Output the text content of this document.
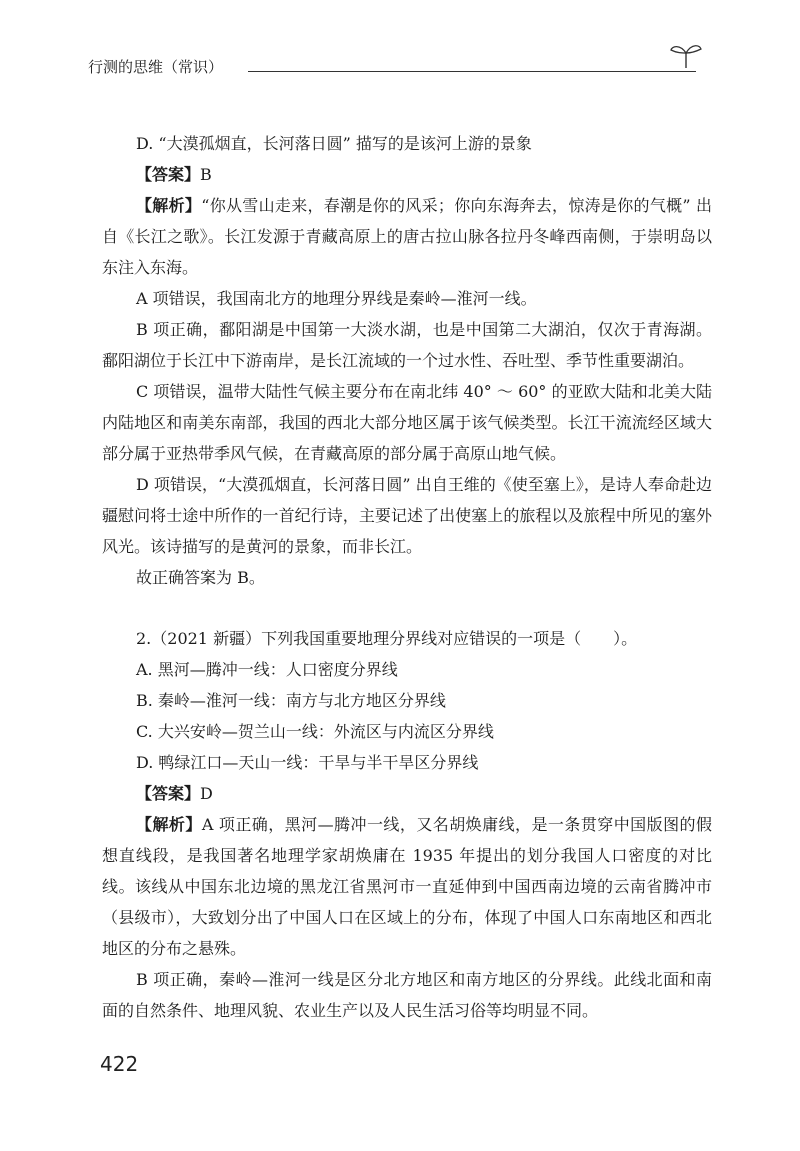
行测的思维（常识）

D. “大漠孤烟直，长河落日圆” 描写的是该河上游的景象

【答案】B

【解析】“你从雪山走来，春潮是你的风采；你向东海奔去，惊涛是你的气概” 出自《长江之歌》。长江发源于青藏高原上的唐古拉山脉各拉丹冬峰西南侧，于崇明岛以东注入东海。

A 项错误，我国南北方的地理分界线是秦岭—淮河一线。

B 项正确，鄱阳湖是中国第一大淡水湖，也是中国第二大湖泊，仅次于青海湖。鄱阳湖位于长江中下游南岸，是长江流域的一个过水性、吞吐型、季节性重要湖泊。

C 项错误，温带大陆性气候主要分布在南北纬 40° ～ 60° 的亚欧大陆和北美大陆内陆地区和南美东南部，我国的西北大部分地区属于该气候类型。长江干流流经区域大部分属于亚热带季风气候，在青藏高原的部分属于高原山地气候。

D 项错误，“大漠孤烟直，长河落日圆” 出自王维的《使至塞上》，是诗人奉命赴边疆慰问将士途中所作的一首纪行诗，主要记述了出使塞上的旅程以及旅程中所见的塞外风光。该诗描写的是黄河的景象，而非长江。

故正确答案为 B。

2.（2021 新疆）下列我国重要地理分界线对应错误的一项是（　　）。

A. 黑河—腾冲一线：人口密度分界线

B. 秦岭—淮河一线：南方与北方地区分界线

C. 大兴安岭—贺兰山一线：外流区与内流区分界线

D. 鸭绿江口—天山一线：干旱与半干旱区分界线

【答案】D

【解析】A 项正确，黑河—腾冲一线，又名胡焕庸线，是一条贯穿中国版图的假想直线段，是我国著名地理学家胡焕庸在 1935 年提出的划分我国人口密度的对比线。该线从中国东北边境的黑龙江省黑河市一直延伸到中国西南边境的云南省腾冲市（县级市），大致划分出了中国人口在区域上的分布，体现了中国人口东南地区和西北地区的分布之悬殊。

B 项正确，秦岭—淮河一线是区分北方地区和南方地区的分界线。此线北面和南面的自然条件、地理风貌、农业生产以及人民生活习俗等均明显不同。

422
